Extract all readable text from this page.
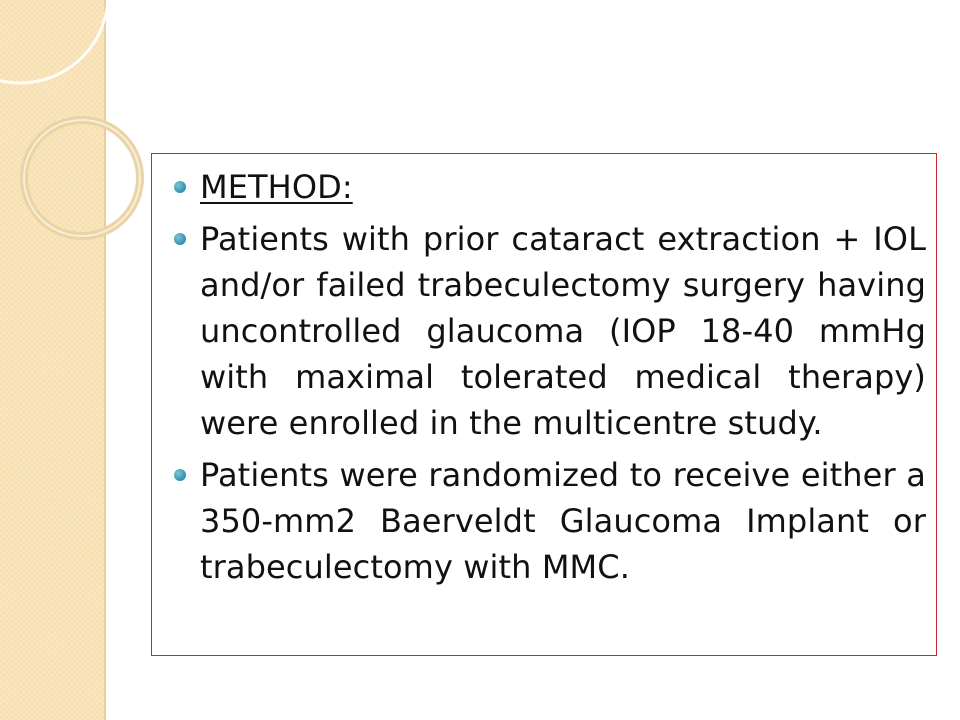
METHOD:
Patients with prior cataract extraction + IOL and/or failed trabeculectomy surgery having uncontrolled glaucoma (IOP 18-40 mmHg with maximal tolerated medical therapy) were enrolled in the multicentre study.
Patients were randomized to receive either a 350-mm2 Baerveldt Glaucoma Implant or trabeculectomy with MMC.
